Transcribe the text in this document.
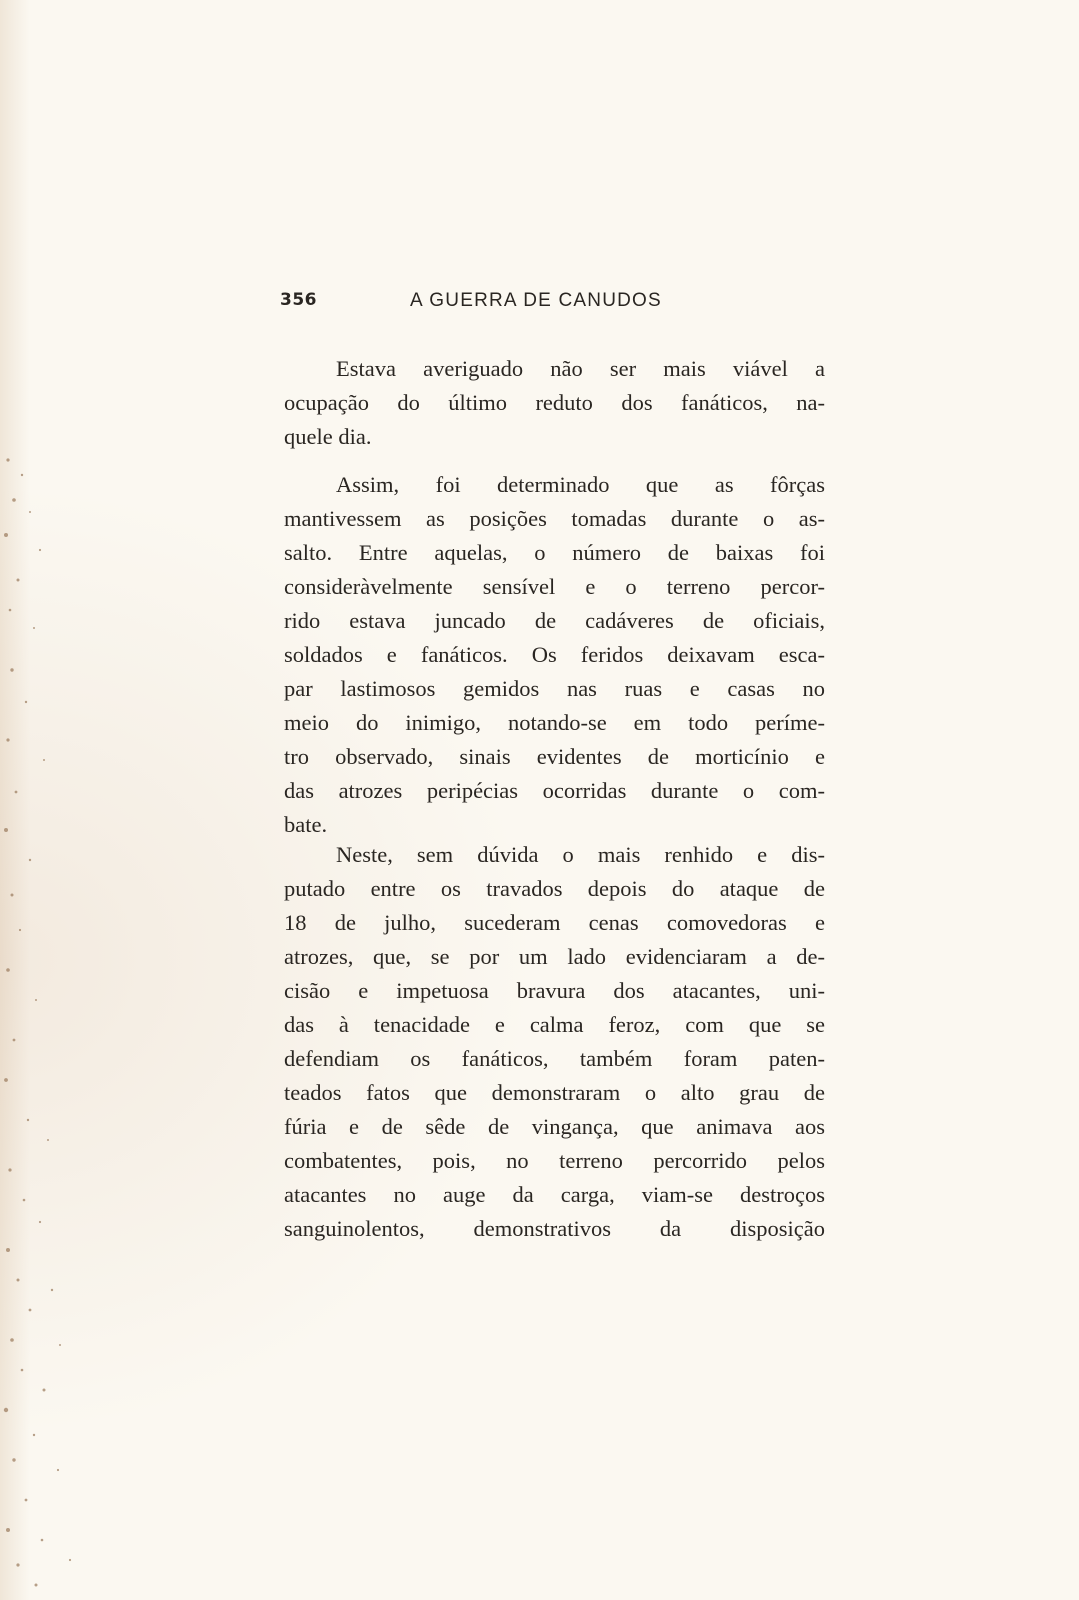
356	A GUERRA DE CANUDOS

Estava averiguado não ser mais viável a
ocupação do último reduto dos fanáticos, na-
quele dia.

Assim, foi determinado que as fôrças
mantivessem as posições tomadas durante o as-
salto. Entre aquelas, o número de baixas foi
consideràvelmente sensível e o terreno percor-
rido estava juncado de cadáveres de oficiais,
soldados e fanáticos. Os feridos deixavam esca-
par lastimosos gemidos nas ruas e casas no
meio do inimigo, notando-se em todo períme-
tro observado, sinais evidentes de morticínio e
das atrozes peripécias ocorridas durante o com-
bate.

Neste, sem dúvida o mais renhido e dis-
putado entre os travados depois do ataque de
18 de julho, sucederam cenas comovedoras e
atrozes, que, se por um lado evidenciaram a de-
cisão e impetuosa bravura dos atacantes, uni-
das à tenacidade e calma feroz, com que se
defendiam os fanáticos, também foram paten-
teados fatos que demonstraram o alto grau de
fúria e de sêde de vingança, que animava aos
combatentes, pois, no terreno percorrido pelos
atacantes no auge da carga, viam-se destroços
sanguinolentos, demonstrativos da disposição
